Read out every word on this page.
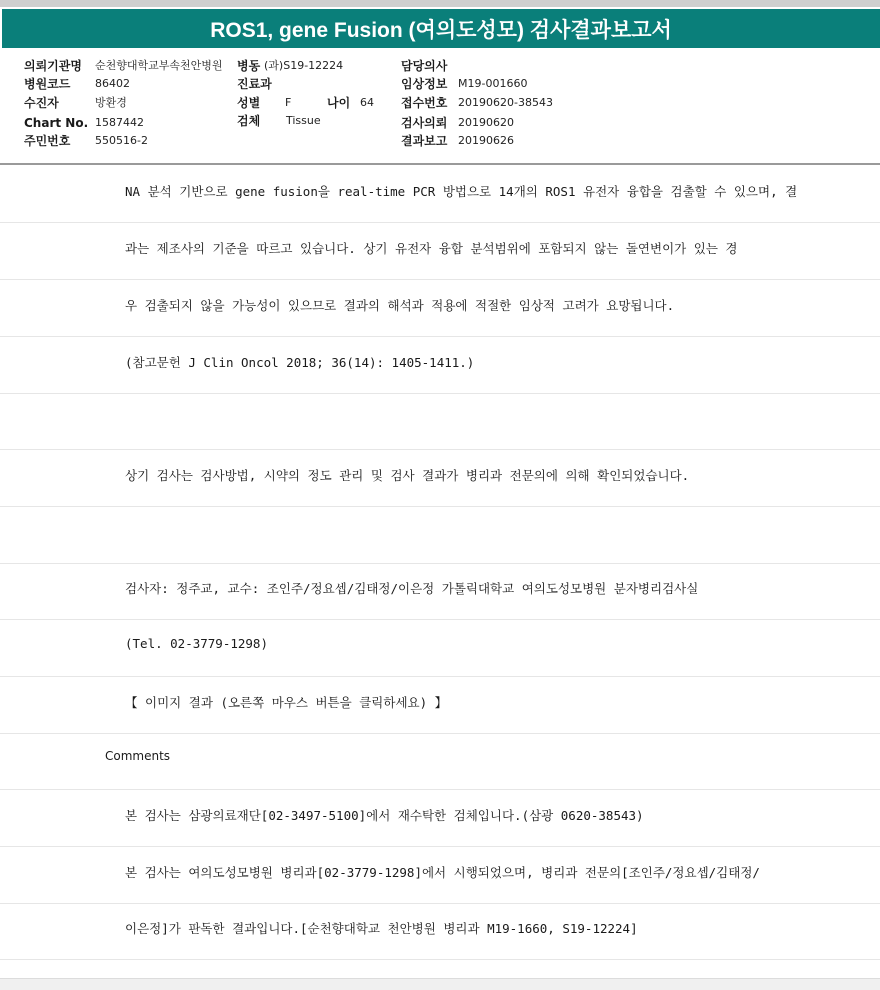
ROS1, gene Fusion (여의도성모) 검사결과보고서
의뢰기관명 순천향대학교부속천안병원 병동 (과)S19-12224	담당의사
병원코드 86402	진료과	임상정보 M19-001660
수진자	방환경	성별 F	나이 64 접수번호 20190620-38543
Chart No. 1587442	검체 Tissue	검사의뢰 20190620
주민번호 550516-2	결과보고 20190626
NA 분석 기반으로 gene fusion을 real-time PCR 방법으로 14개의 ROS1 유전자 융합을 검출할 수 있으며, 결
과는 제조사의 기준을 따르고 있습니다. 상기 유전자 융합 분석범위에 포함되지 않는 돌연변이가 있는 경
우 검출되지 않을 가능성이 있으므로 결과의 해석과 적용에 적절한 임상적 고려가 요망됩니다.
(참고문헌 J Clin Oncol 2018; 36(14): 1405-1411.)
상기 검사는 검사방법, 시약의 정도 관리 및 검사 결과가 병리과 전문의에 의해 확인되었습니다.
검사자: 정주교, 교수: 조인주/정요셉/김태정/이은정 가톨릭대학교 여의도성모병원 분자병리검사실
(Tel. 02-3779-1298)
【 이미지 결과 (오른쪽 마우스 버튼을 클릭하세요) 】
Comments
본 검사는 삼광의료재단[02-3497-5100]에서 재수탁한 검체입니다.(삼광 0620-38543)
본 검사는 여의도성모병원 병리과[02-3779-1298]에서 시행되었으며, 병리과 전문의[조인주/정요셉/김태정/
이은정]가 판독한 결과입니다.[순천향대학교 천안병원 병리과 M19-1660, S19-12224]
